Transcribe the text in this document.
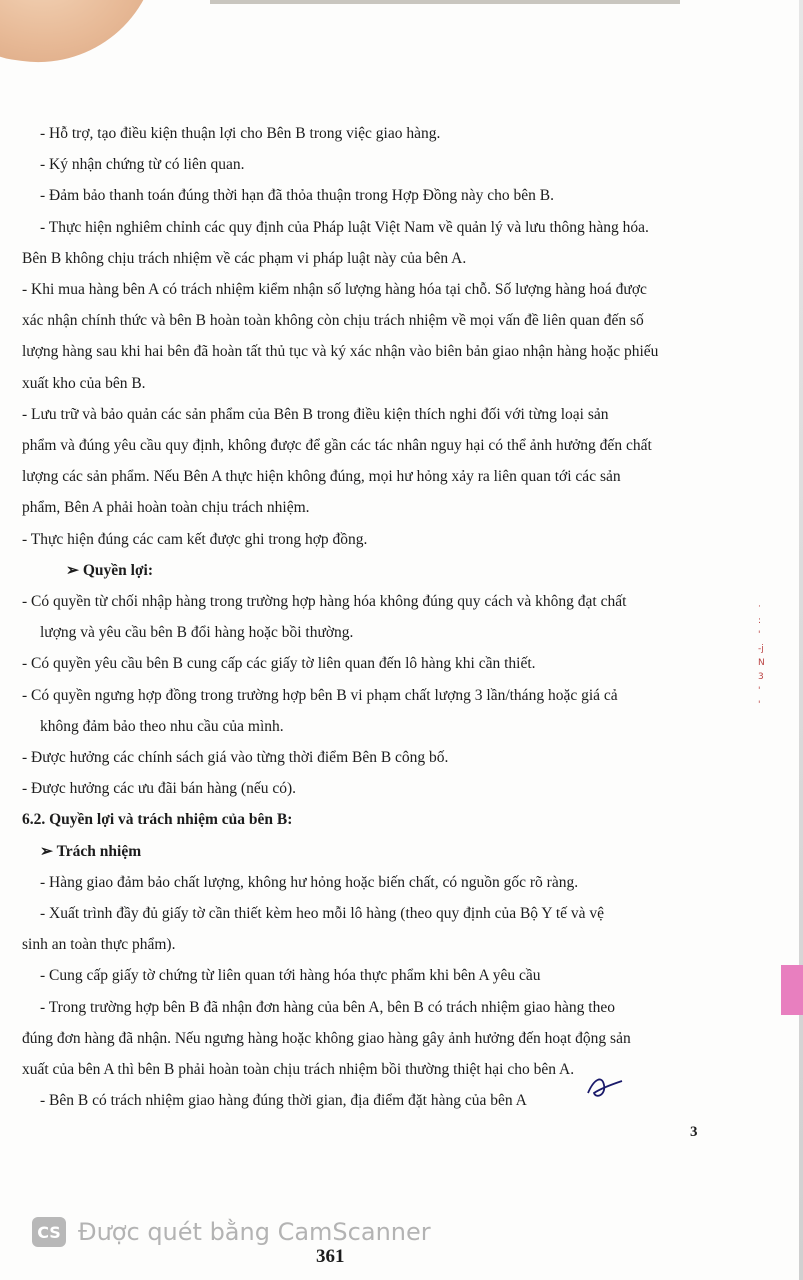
- Hỗ trợ, tạo điều kiện thuận lợi cho Bên B trong việc giao hàng.
- Ký nhận chứng từ có liên quan.
- Đảm bảo thanh toán đúng thời hạn đã thỏa thuận trong Hợp Đồng này cho bên B.
- Thực hiện nghiêm chỉnh các quy định của Pháp luật Việt Nam về quản lý và lưu thông hàng hóa.
Bên B không chịu trách nhiệm về các phạm vi pháp luật này của bên A.
- Khi mua hàng bên A có trách nhiệm kiểm nhận số lượng hàng hóa tại chỗ. Số lượng hàng hoá được
xác nhận chính thức và bên B hoàn toàn không còn chịu trách nhiệm về mọi vấn đề liên quan đến số
lượng hàng sau khi hai bên đã hoàn tất thủ tục và ký xác nhận vào biên bản giao nhận hàng hoặc phiếu
xuất kho của bên B.
- Lưu trữ và bảo quản các sản phẩm của Bên B trong điều kiện thích nghi đối với từng loại sản
phẩm và đúng yêu cầu quy định, không được để gần các tác nhân nguy hại có thể ảnh hưởng đến chất
lượng các sản phẩm. Nếu Bên A thực hiện không đúng, mọi hư hỏng xảy ra liên quan tới các sản
phẩm, Bên A phải hoàn toàn chịu trách nhiệm.
- Thực hiện đúng các cam kết được ghi trong hợp đồng.
➢ Quyền lợi:
- Có quyền từ chối nhập hàng trong trường hợp hàng hóa không đúng quy cách và không đạt chất
lượng và yêu cầu bên B đổi hàng hoặc bồi thường.
- Có quyền yêu cầu bên B cung cấp các giấy tờ liên quan đến lô hàng khi cần thiết.
- Có quyền ngưng hợp đồng trong trường hợp bên B vi phạm chất lượng 3 lần/tháng hoặc giá cả
không đảm bảo theo nhu cầu của mình.
- Được hưởng các chính sách giá vào từng thời điểm Bên B công bố.
- Được hưởng các ưu đãi bán hàng (nếu có).
6.2. Quyền lợi và trách nhiệm của bên B:
➢ Trách nhiệm
- Hàng giao đảm bảo chất lượng, không hư hỏng hoặc biến chất, có nguồn gốc rõ ràng.
- Xuất trình đầy đủ giấy tờ cần thiết kèm heo mỗi lô hàng (theo quy định của Bộ Y tế và vệ
sinh an toàn thực phẩm).
- Cung cấp giấy tờ chứng từ liên quan tới hàng hóa thực phẩm khi bên A yêu cầu
- Trong trường hợp bên B đã nhận đơn hàng của bên A, bên B có trách nhiệm giao hàng theo
đúng đơn hàng đã nhận. Nếu ngưng hàng hoặc không giao hàng gây ảnh hưởng đến hoạt động sản
xuất của bên A thì bên B phải hoàn toàn chịu trách nhiệm bồi thường thiệt hại cho bên A.
- Bên B có trách nhiệm giao hàng đúng thời gian, địa điểm đặt hàng của bên A
·
:
'
-j
N
3
'
'
3
CS Được quét bằng CamScanner
361
